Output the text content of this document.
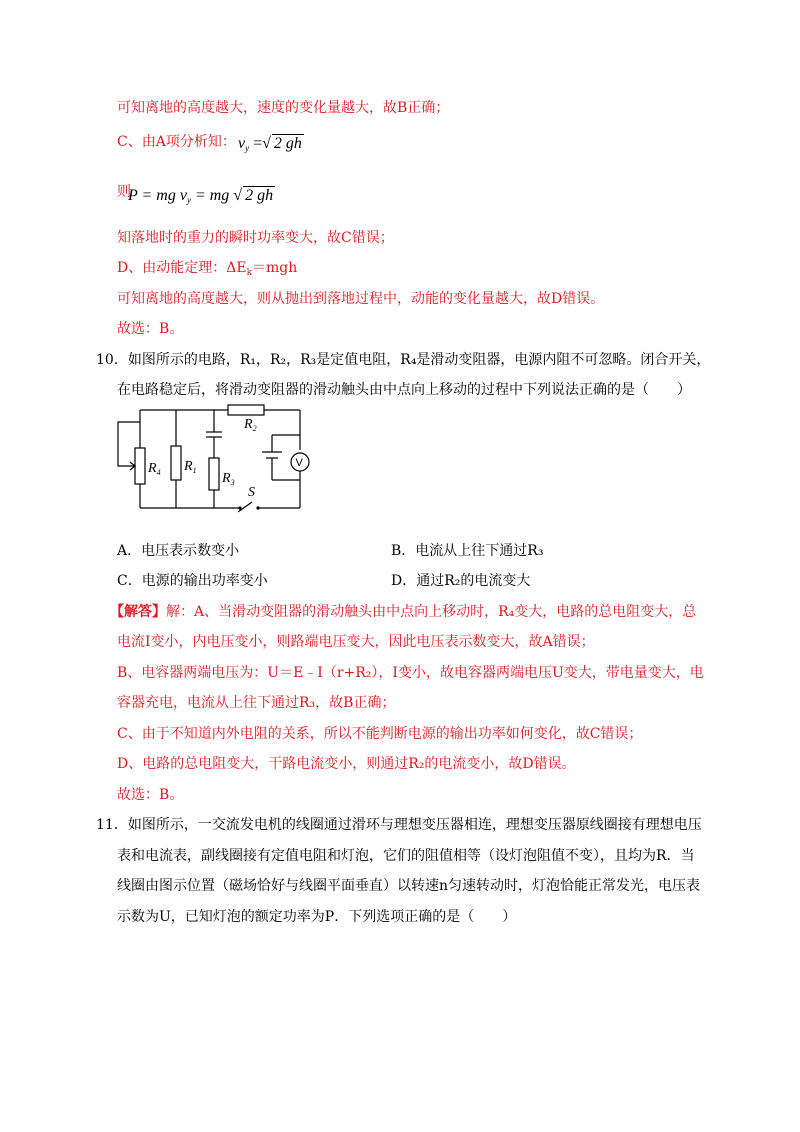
可知离地的高度越大，速度的变化量越大，故B正确；
C、由A项分析知： $v_y$ =√ 2 gh
则
P = mg $v_y$ = mg √ 2 gh
知落地时的重力的瞬时功率变大，故C错误；
D、由动能定理：$\Delta E_k=mgh$
可知离地的高度越大，则从抛出到落地过程中，动能的变化量越大，故D错误。
故选：B。
10．如图所示的电路，R₁，R₂，R₃是定值电阻，R₄是滑动变阻器，电源内阻不可忽略。闭合开关，
在电路稳定后，将滑动变阻器的滑动触头由中点向上移动的过程中下列说法正确的是（　　）
$R_4$ $R_1$
$R_3$
$R_2$
S
V
A．电压表示数变小	B．电流从上往下通过R₃
C．电源的输出功率变小	D．通过R₂的电流变大
【解答】解：A、当滑动变阻器的滑动触头由中点向上移动时，R₄变大，电路的总电阻变大，总
电流I变小，内电压变小，则路端电压变大，因此电压表示数变大，故A错误；
B、电容器两端电压为：U＝E﹣I（r+R₂），I变小，故电容器两端电压U变大，带电量变大，电
容器充电，电流从上往下通过R₃，故B正确；
C、由于不知道内外电阻的关系，所以不能判断电源的输出功率如何变化，故C错误；
D、电路的总电阻变大，干路电流变小，则通过R₂的电流变小，故D错误。
故选：B。
11．如图所示，一交流发电机的线圈通过滑环与理想变压器相连，理想变压器原线圈接有理想电压
表和电流表，副线圈接有定值电阻和灯泡，它们的阻值相等（设灯泡阻值不变），且均为R．当
线圈由图示位置（磁场恰好与线圈平面垂直）以转速n匀速转动时，灯泡恰能正常发光，电压表
示数为U，已知灯泡的额定功率为P．下列选项正确的是（　　）
